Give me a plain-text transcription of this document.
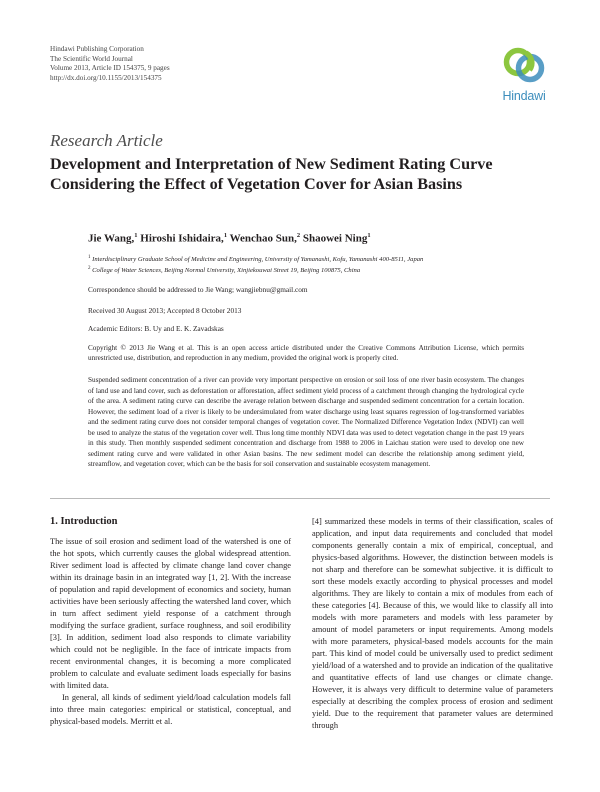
Hindawi Publishing Corporation
The Scientific World Journal
Volume 2013, Article ID 154375, 9 pages
http://dx.doi.org/10.1155/2013/154375
Hindawi
Research Article
Development and Interpretation of New Sediment Rating Curve
Considering the Effect of Vegetation Cover for Asian Basins
Jie Wang,$^1$ Hiroshi Ishidaira,$^1$ Wenchao Sun,$^2$ Shaowei Ning$^1$
$^1$ Interdisciplinary Graduate School of Medicine and Engineering, University of Yamanashi, Kofu, Yamanashi 400-8511, Japan
$^2$ College of Water Sciences, Beijing Normal University, Xinjiekouwai Street 19, Beijing 100875, China
Correspondence should be addressed to Jie Wang; wangjiebnu@gmail.com
Received 30 August 2013; Accepted 8 October 2013
Academic Editors: B. Uy and E. K. Zavadskas
Copyright © 2013 Jie Wang et al. This is an open access article distributed under the Creative Commons Attribution License, which permits unrestricted use, distribution, and reproduction in any medium, provided the original work is properly cited.
Suspended sediment concentration of a river can provide very important perspective on erosion or soil loss of one river basin ecosystem. The changes of land use and land cover, such as deforestation or afforestation, affect sediment yield process of a catchment through changing the hydrological cycle of the area. A sediment rating curve can describe the average relation between discharge and suspended sediment concentration for a certain location. However, the sediment load of a river is likely to be undersimulated from water discharge using least squares regression of log-transformed variables and the sediment rating curve does not consider temporal changes of vegetation cover. The Normalized Difference Vegetation Index (NDVI) can well be used to analyze the status of the vegetation cover well. Thus long time monthly NDVI data was used to detect vegetation change in the past 19 years in this study. Then monthly suspended sediment concentration and discharge from 1988 to 2006 in Laichau station were used to develop one new sediment rating curve and were validated in other Asian basins. The new sediment model can describe the relationship among sediment yield, streamflow, and vegetation cover, which can be the basis for soil conservation and sustainable ecosystem management.
1. Introduction

The issue of soil erosion and sediment load of the watershed is one of the hot spots, which currently causes the global widespread attention. River sediment load is affected by climate change land cover change within its drainage basin in an integrated way [1, 2]. With the increase of population and rapid development of economics and society, human activities have been seriously affecting the watershed land cover, which in turn affect sediment yield response of a catchment through modifying the surface gradient, surface roughness, and soil erodibility [3]. In addition, sediment load also responds to climate variability which could not be negligible. In the face of intricate impacts from recent environmental changes, it is becoming a more complicated problem to calculate and evaluate sediment loads especially for basins with limited data.

In general, all kinds of sediment yield/load calculation models fall into three main categories: empirical or statistical, conceptual, and physical-based models. Merritt et al.

[4] summarized these models in terms of their classification, scales of application, and input data requirements and concluded that model components generally contain a mix of empirical, conceptual, and physics-based algorithms. However, the distinction between models is not sharp and therefore can be somewhat subjective. it is difficult to sort these models exactly according to physical processes and model algorithms. They are likely to contain a mix of modules from each of these categories [4]. Because of this, we would like to classify all into models with more parameters and models with less parameter by amount of model parameters or input requirements. Among models with more parameters, physical-based models accounts for the main part. This kind of model could be universally used to predict sediment yield/load of a watershed and to provide an indication of the qualitative and quantitative effects of land use changes or climate change. However, it is always very difficult to determine value of parameters especially at describing the complex process of erosion and sediment yield. Due to the requirement that parameter values are determined through
